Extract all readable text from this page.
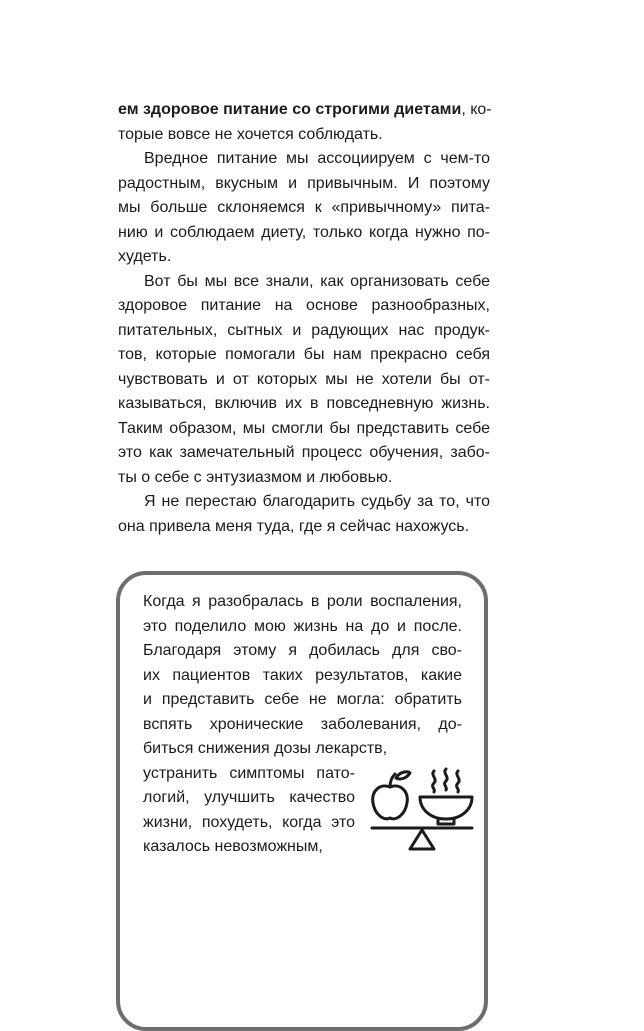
ем здоровое питание со строгими диетами, ко-
торые вовсе не хочется соблюдать.
Вредное питание мы ассоциируем с чем-то
радостным, вкусным и привычным. И поэтому
мы больше склоняемся к «привычному» пита-
нию и соблюдаем диету, только когда нужно по-
худеть.
Вот бы мы все знали, как организовать себе
здоровое питание на основе разнообразных,
питательных, сытных и радующих нас продук-
тов, которые помогали бы нам прекрасно себя
чувствовать и от которых мы не хотели бы от-
казываться, включив их в повседневную жизнь.
Таким образом, мы смогли бы представить себе
это как замечательный процесс обучения, забо-
ты о себе с энтузиазмом и любовью.
Я не перестаю благодарить судьбу за то, что
она привела меня туда, где я сейчас нахожусь.
Когда я разобралась в роли воспаления,
это поделило мою жизнь на до и после.
Благодаря этому я добилась для сво-
их пациентов таких результатов, какие
и представить себе не могла: обратить
вспять хронические заболевания, до-
биться снижения дозы лекарств,
устранить симптомы пато-
логий, улучшить качество
жизни, похудеть, когда это
казалось невозможным,
